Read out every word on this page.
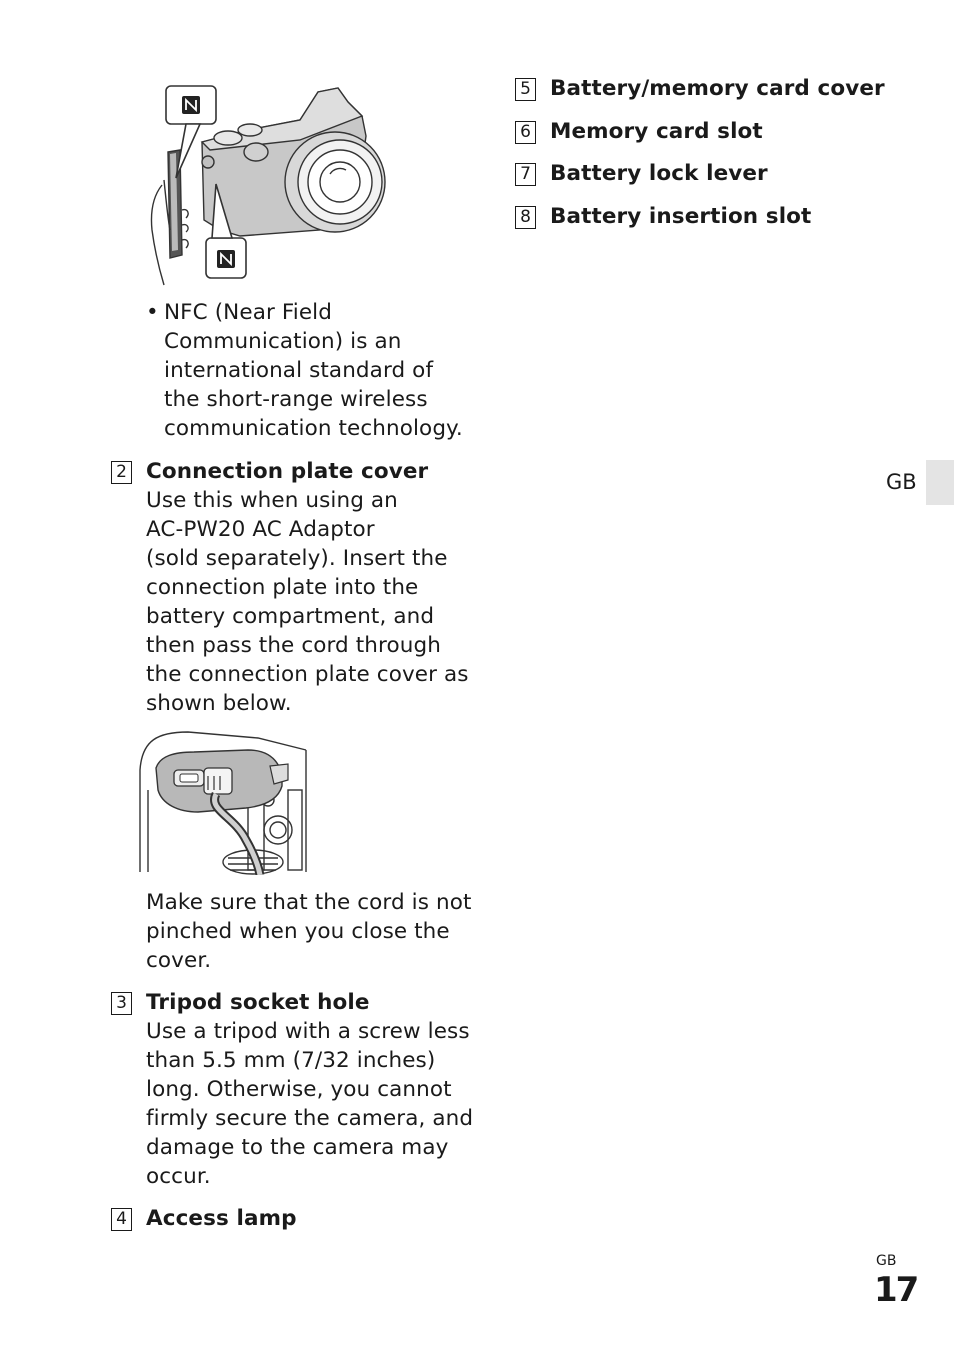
• NFC (Near Field

Communication) is an

international standard of

the short-range wireless

communication technology.

2 Connection plate cover

Use this when using an

AC-PW20 AC Adaptor

(sold separately). Insert the

connection plate into the

battery compartment, and

then pass the cord through

the connection plate cover as

shown below.

Make sure that the cord is not

pinched when you close the

cover.

3 Tripod socket hole

Use a tripod with a screw less

than 5.5 mm (7/32 inches)

long. Otherwise, you cannot

firmly secure the camera, and

damage to the camera may

occur.

4 Access lamp

5 Battery/memory card cover
6 Memory card slot
7 Battery lock lever
8 Battery insertion slot
GB
GB
17
